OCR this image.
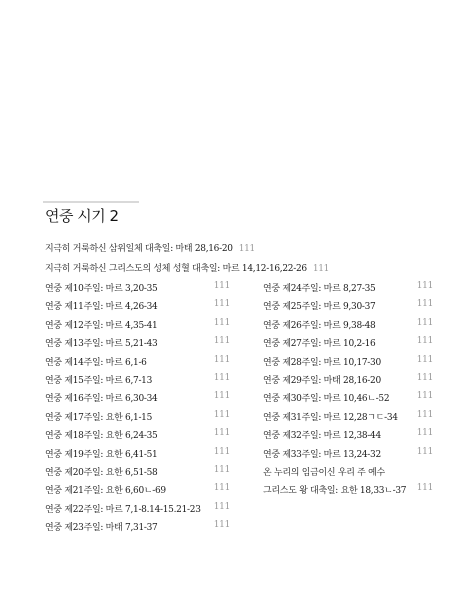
연중 시기 2
지극히 거룩하신 삼위일체 대축일: 마태 28,16-20 111
지극히 거룩하신 그리스도의 성체 성혈 대축일: 마르 14,12-16,22-26 111
연중 제10주일: 마르 3,20-35	111
연중 제11주일: 마르 4,26-34	111
연중 제12주일: 마르 4,35-41	111
연중 제13주일: 마르 5,21-43	111
연중 제14주일: 마르 6,1-6	111
연중 제15주일: 마르 6,7-13	111
연중 제16주일: 마르 6,30-34	111
연중 제17주일: 요한 6,1-15	111
연중 제18주일: 요한 6,24-35	111
연중 제19주일: 요한 6,41-51	111
연중 제20주일: 요한 6,51-58	111
연중 제21주일: 요한 6,60ㄴ-69	111
연중 제22주일: 마르 7,1-8.14-15.21-23 111
연중 제23주일: 마태 7,31-37	111
연중 제24주일: 마르 8,27-35	111
연중 제25주일: 마르 9,30-37	111
연중 제26주일: 마르 9,38-48	111
연중 제27주일: 마르 10,2-16	111
연중 제28주일: 마르 10,17-30	111
연중 제29주일: 마태 28,16-20	111
연중 제30주일: 마르 10,46ㄴ-52	111
연중 제31주일: 마르 12,28ㄱㄷ-34 111
연중 제32주일: 마르 12,38-44	111
연중 제33주일: 마르 13,24-32	111
온 누리의 임금이신 우리 주 예수
그리스도 왕 대축일: 요한 18,33ㄴ-37 111
